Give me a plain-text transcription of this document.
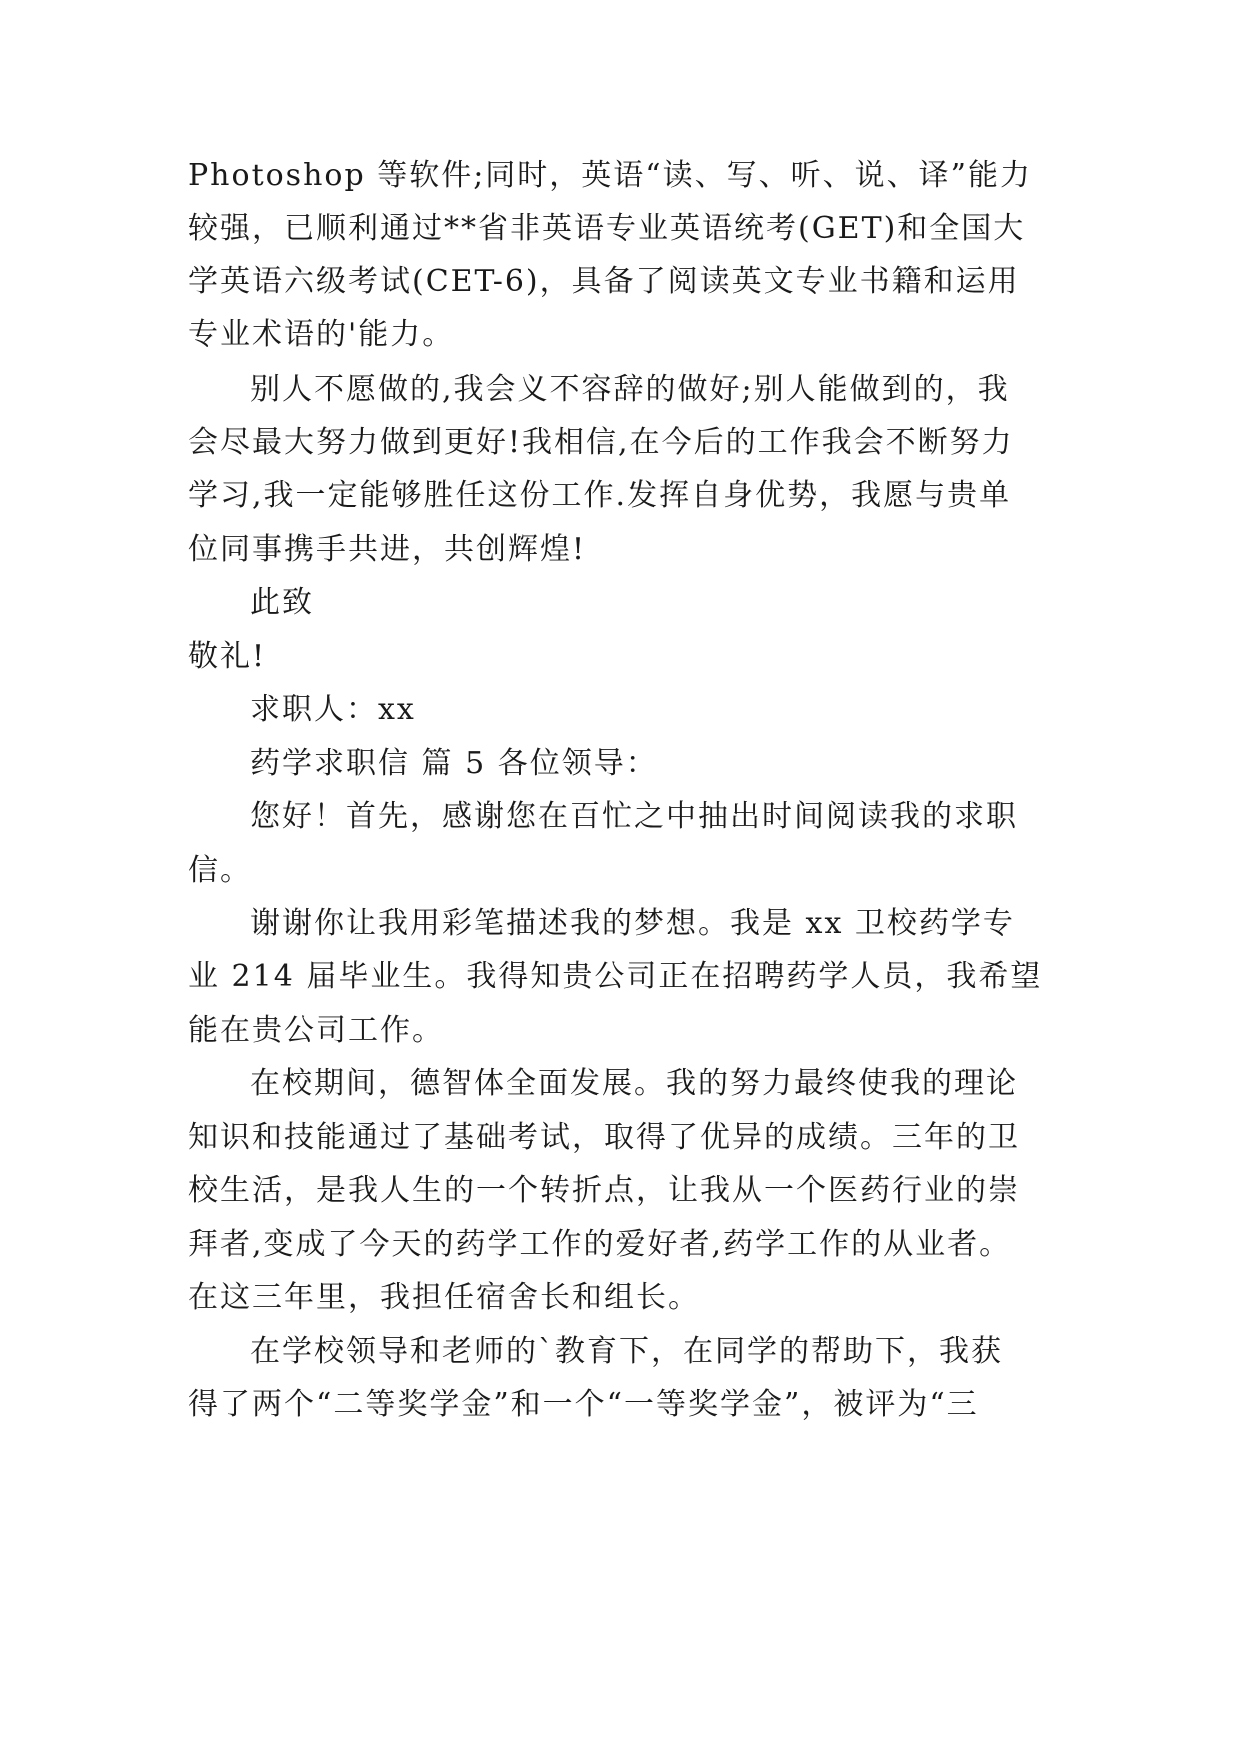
Photoshop 等软件;同时，英语“读、写、听、说、译”能力
较强，已顺利通过**省非英语专业英语统考(GET)和全国大
学英语六级考试(CET-6)，具备了阅读英文专业书籍和运用
专业术语的'能力。
别人不愿做的,我会义不容辞的做好;别人能做到的，我
会尽最大努力做到更好!我相信,在今后的工作我会不断努力
学习,我一定能够胜任这份工作.发挥自身优势，我愿与贵单
位同事携手共进，共创辉煌!
此致
敬礼!
求职人：xx
药学求职信 篇 5 各位领导：
您好！首先，感谢您在百忙之中抽出时间阅读我的求职
信。
谢谢你让我用彩笔描述我的梦想。我是 xx 卫校药学专
业 214 届毕业生。我得知贵公司正在招聘药学人员，我希望
能在贵公司工作。
在校期间，德智体全面发展。我的努力最终使我的理论
知识和技能通过了基础考试，取得了优异的成绩。三年的卫
校生活，是我人生的一个转折点，让我从一个医药行业的崇
拜者,变成了今天的药学工作的爱好者,药学工作的从业者。
在这三年里，我担任宿舍长和组长。
在学校领导和老师的`教育下，在同学的帮助下，我获
得了两个“二等奖学金”和一个“一等奖学金”，被评为“三
